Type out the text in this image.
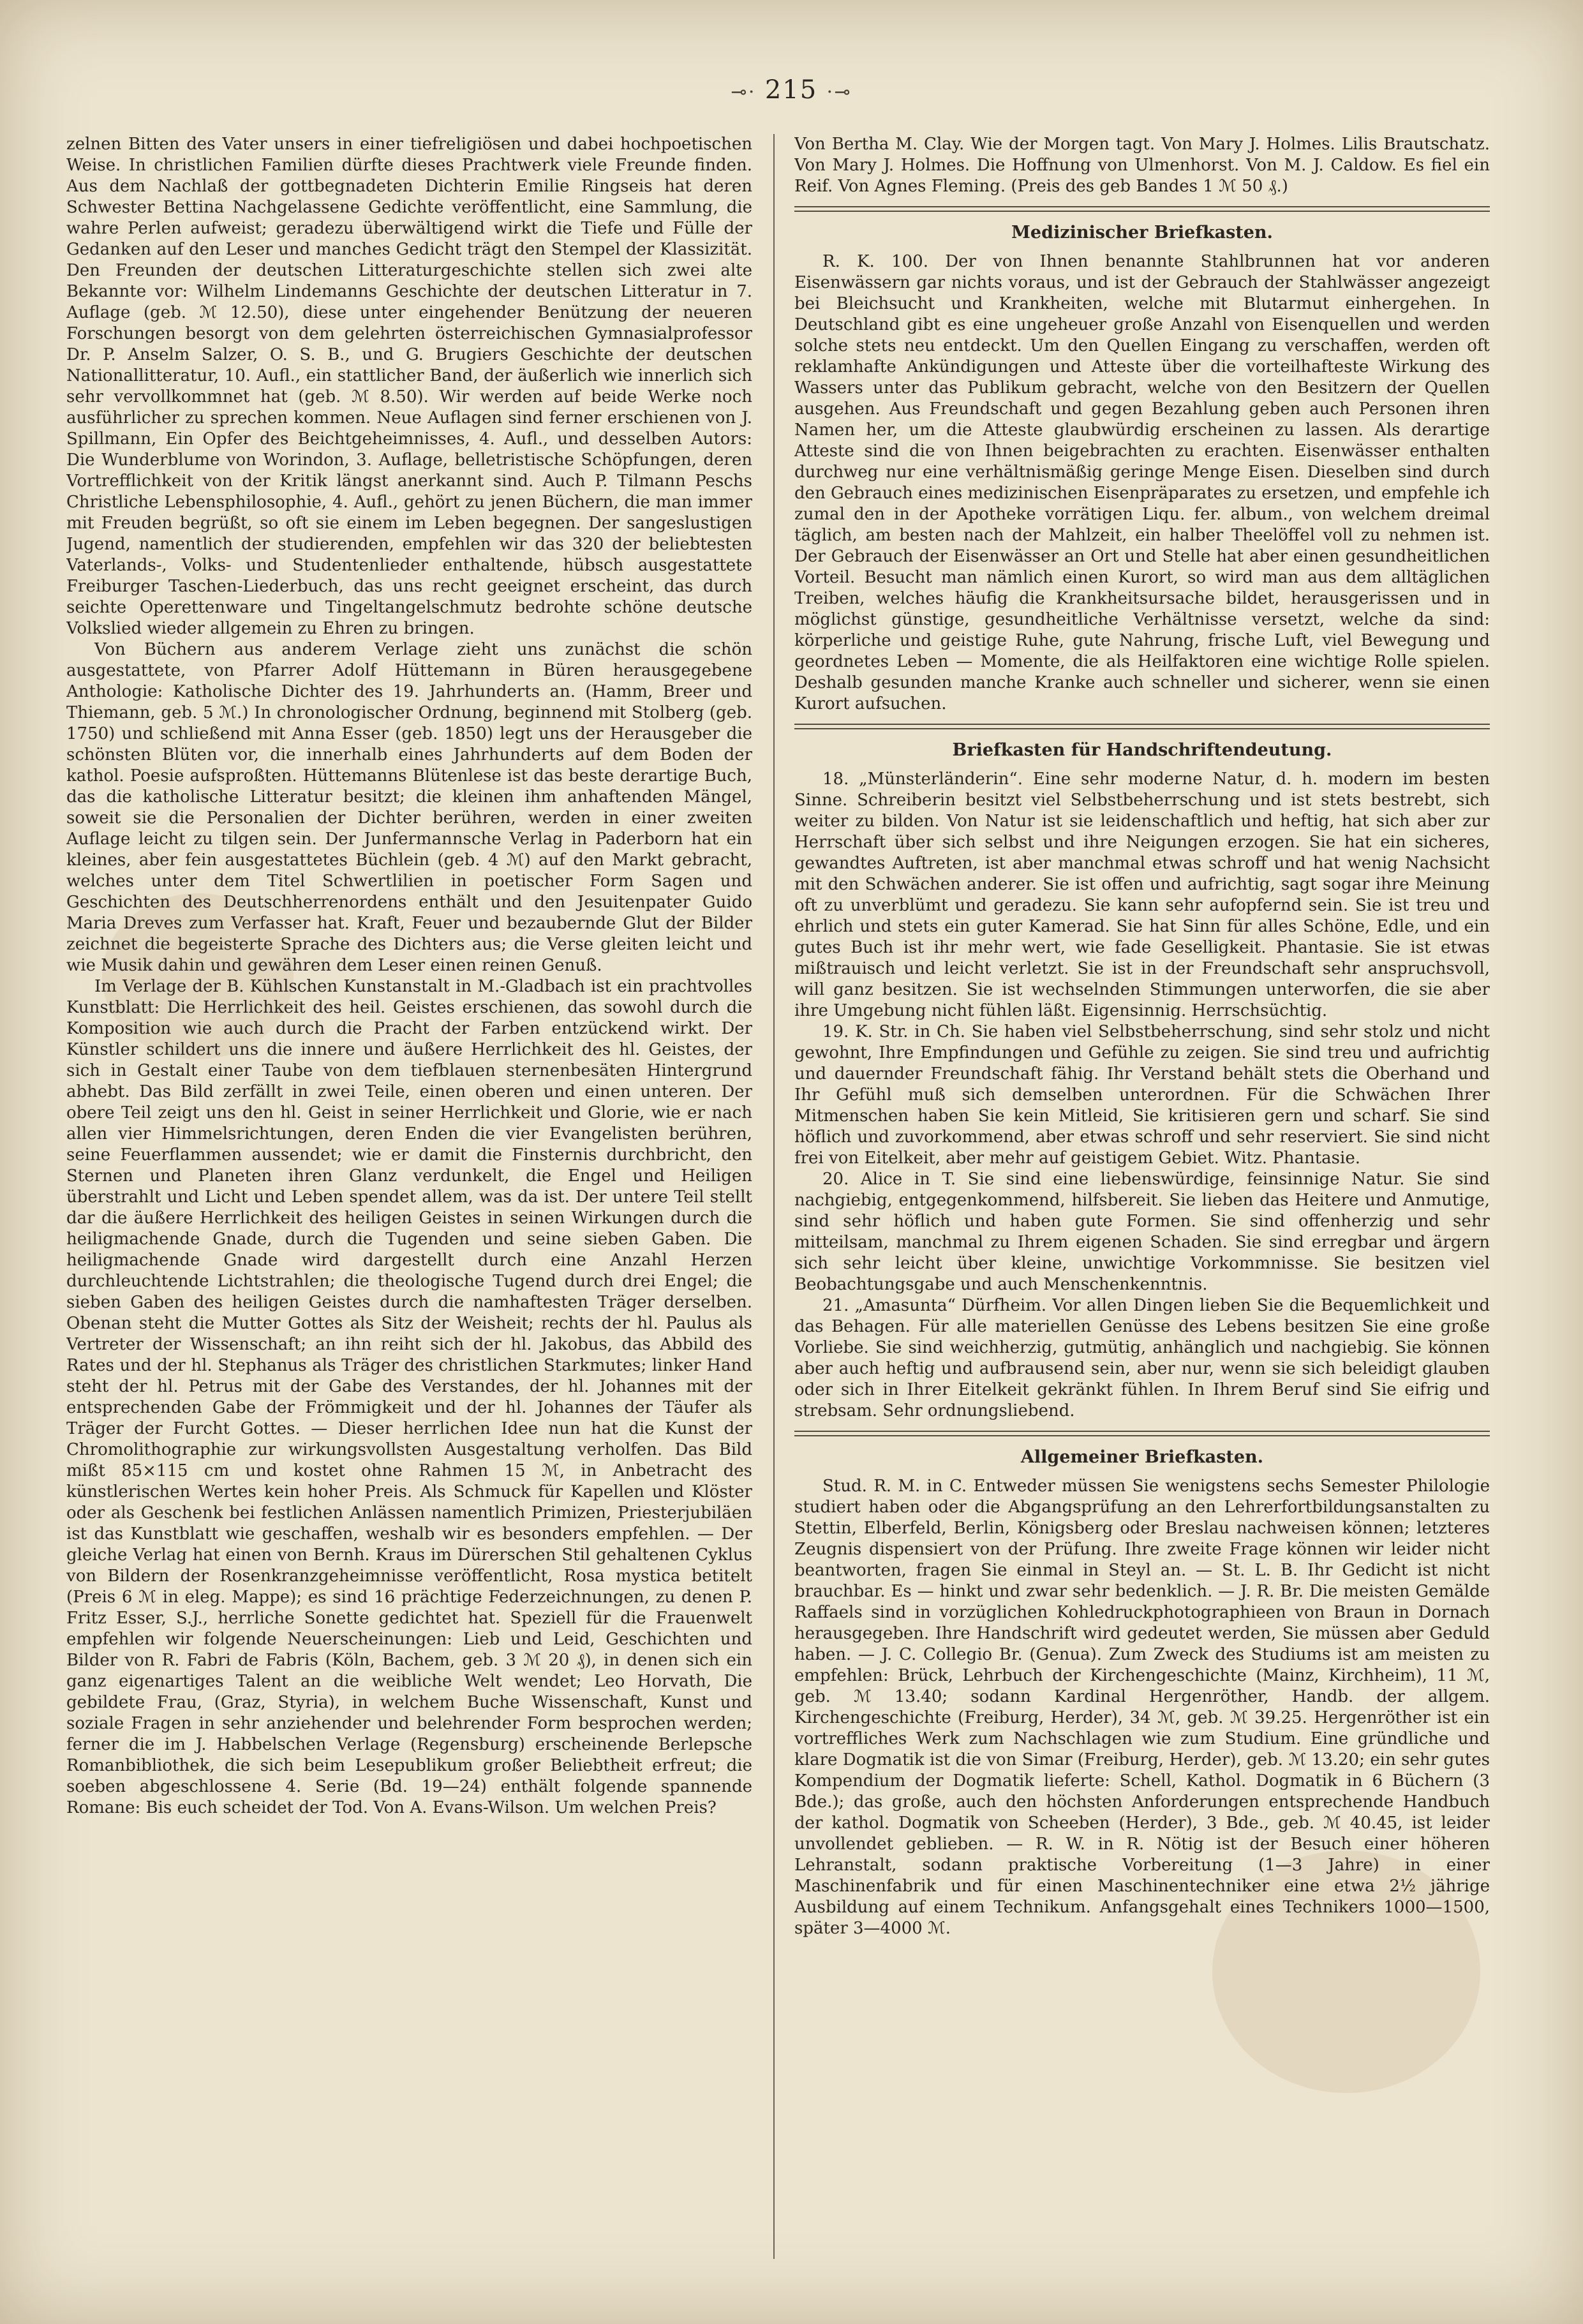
⊸⋅ 215 ⋅⊸

zelnen Bitten des Vater unsers in einer tiefreligiösen und dabei hochpoetischen Weise. In christlichen Familien dürfte dieses Prachtwerk viele Freunde finden. Aus dem Nachlaß der gottbegnadeten Dichterin Emilie Ringseis hat deren Schwester Bettina Nachgelassene Gedichte veröffentlicht, eine Sammlung, die wahre Perlen aufweist; geradezu überwältigend wirkt die Tiefe und Fülle der Gedanken auf den Leser und manches Gedicht trägt den Stempel der Klassizität. Den Freunden der deutschen Litteraturgeschichte stellen sich zwei alte Bekannte vor: Wilhelm Lindemanns Geschichte der deutschen Litteratur in 7. Auflage (geb. ℳ 12.50), diese unter eingehender Benützung der neueren Forschungen besorgt von dem gelehrten österreichischen Gymnasialprofessor Dr. P. Anselm Salzer, O. S. B., und G. Brugiers Geschichte der deutschen Nationallitteratur, 10. Aufl., ein stattlicher Band, der äußerlich wie innerlich sich sehr vervollkommnet hat (geb. ℳ 8.50). Wir werden auf beide Werke noch ausführlicher zu sprechen kommen. Neue Auflagen sind ferner erschienen von J. Spillmann, Ein Opfer des Beichtgeheimnisses, 4. Aufl., und desselben Autors: Die Wunderblume von Worindon, 3. Auflage, belletristische Schöpfungen, deren Vortrefflichkeit von der Kritik längst anerkannt sind. Auch P. Tilmann Peschs Christliche Lebensphilosophie, 4. Aufl., gehört zu jenen Büchern, die man immer mit Freuden begrüßt, so oft sie einem im Leben begegnen. Der sangeslustigen Jugend, namentlich der studierenden, empfehlen wir das 320 der beliebtesten Vaterlands-, Volks- und Studentenlieder enthaltende, hübsch ausgestattete Freiburger Taschen-Liederbuch, das uns recht geeignet erscheint, das durch seichte Operettenware und Tingeltangelschmutz bedrohte schöne deutsche Volkslied wieder allgemein zu Ehren zu bringen.

Von Büchern aus anderem Verlage zieht uns zunächst die schön ausgestattete, von Pfarrer Adolf Hüttemann in Büren herausgegebene Anthologie: Katholische Dichter des 19. Jahrhunderts an. (Hamm, Breer und Thiemann, geb. 5 ℳ.) In chronologischer Ordnung, beginnend mit Stolberg (geb. 1750) und schließend mit Anna Esser (geb. 1850) legt uns der Herausgeber die schönsten Blüten vor, die innerhalb eines Jahrhunderts auf dem Boden der kathol. Poesie aufsproßten. Hüttemanns Blütenlese ist das beste derartige Buch, das die katholische Litteratur besitzt; die kleinen ihm anhaftenden Mängel, soweit sie die Personalien der Dichter berühren, werden in einer zweiten Auflage leicht zu tilgen sein. Der Junfermannsche Verlag in Paderborn hat ein kleines, aber fein ausgestattetes Büchlein (geb. 4 ℳ) auf den Markt gebracht, welches unter dem Titel Schwertlilien in poetischer Form Sagen und Geschichten des Deutschherrenordens enthält und den Jesuitenpater Guido Maria Dreves zum Verfasser hat. Kraft, Feuer und bezaubernde Glut der Bilder zeichnet die begeisterte Sprache des Dichters aus; die Verse gleiten leicht und wie Musik dahin und gewähren dem Leser einen reinen Genuß.

Im Verlage der B. Kühlschen Kunstanstalt in M.-Gladbach ist ein prachtvolles Kunstblatt: Die Herrlichkeit des heil. Geistes erschienen, das sowohl durch die Komposition wie auch durch die Pracht der Farben entzückend wirkt. Der Künstler schildert uns die innere und äußere Herrlichkeit des hl. Geistes, der sich in Gestalt einer Taube von dem tiefblauen sternenbesäten Hintergrund abhebt. Das Bild zerfällt in zwei Teile, einen oberen und einen unteren. Der obere Teil zeigt uns den hl. Geist in seiner Herrlichkeit und Glorie, wie er nach allen vier Himmelsrichtungen, deren Enden die vier Evangelisten berühren, seine Feuerflammen aussendet; wie er damit die Finsternis durchbricht, den Sternen und Planeten ihren Glanz verdunkelt, die Engel und Heiligen überstrahlt und Licht und Leben spendet allem, was da ist. Der untere Teil stellt dar die äußere Herrlichkeit des heiligen Geistes in seinen Wirkungen durch die heiligmachende Gnade, durch die Tugenden und seine sieben Gaben. Die heiligmachende Gnade wird dargestellt durch eine Anzahl Herzen durchleuchtende Lichtstrahlen; die theologische Tugend durch drei Engel; die sieben Gaben des heiligen Geistes durch die namhaftesten Träger derselben. Obenan steht die Mutter Gottes als Sitz der Weisheit; rechts der hl. Paulus als Vertreter der Wissenschaft; an ihn reiht sich der hl. Jakobus, das Abbild des Rates und der hl. Stephanus als Träger des christlichen Starkmutes; linker Hand steht der hl. Petrus mit der Gabe des Verstandes, der hl. Johannes mit der entsprechenden Gabe der Frömmigkeit und der hl. Johannes der Täufer als Träger der Furcht Gottes. — Dieser herrlichen Idee nun hat die Kunst der Chromolithographie zur wirkungsvollsten Ausgestaltung verholfen. Das Bild mißt 85×115 cm und kostet ohne Rahmen 15 ℳ, in Anbetracht des künstlerischen Wertes kein hoher Preis. Als Schmuck für Kapellen und Klöster oder als Geschenk bei festlichen Anlässen namentlich Primizen, Priesterjubiläen ist das Kunstblatt wie geschaffen, weshalb wir es besonders empfehlen. — Der gleiche Verlag hat einen von Bernh. Kraus im Dürerschen Stil gehaltenen Cyklus von Bildern der Rosenkranzgeheimnisse veröffentlicht, Rosa mystica betitelt (Preis 6 ℳ in eleg. Mappe); es sind 16 prächtige Federzeichnungen, zu denen P. Fritz Esser, S.J., herrliche Sonette gedichtet hat. Speziell für die Frauenwelt empfehlen wir folgende Neuerscheinungen: Lieb und Leid, Geschichten und Bilder von R. Fabri de Fabris (Köln, Bachem, geb. 3 ℳ 20 ₰), in denen sich ein ganz eigenartiges Talent an die weibliche Welt wendet; Leo Horvath, Die gebildete Frau, (Graz, Styria), in welchem Buche Wissenschaft, Kunst und soziale Fragen in sehr anziehender und belehrender Form besprochen werden; ferner die im J. Habbelschen Verlage (Regensburg) erscheinende Berlepsche Romanbibliothek, die sich beim Lesepublikum großer Beliebtheit erfreut; die soeben abgeschlossene 4. Serie (Bd. 19—24) enthält folgende spannende Romane: Bis euch scheidet der Tod. Von A. Evans-Wilson. Um welchen Preis?

Von Bertha M. Clay. Wie der Morgen tagt. Von Mary J. Holmes. Lilis Brautschatz. Von Mary J. Holmes. Die Hoffnung von Ulmenhorst. Von M. J. Caldow. Es fiel ein Reif. Von Agnes Fleming. (Preis des geb Bandes 1 ℳ 50 ₰.)

Medizinischer Briefkasten.

R. K. 100. Der von Ihnen benannte Stahlbrunnen hat vor anderen Eisenwässern gar nichts voraus, und ist der Gebrauch der Stahlwässer angezeigt bei Bleichsucht und Krankheiten, welche mit Blutarmut einhergehen. In Deutschland gibt es eine ungeheuer große Anzahl von Eisenquellen und werden solche stets neu entdeckt. Um den Quellen Eingang zu verschaffen, werden oft reklamhafte Ankündigungen und Atteste über die vorteilhafteste Wirkung des Wassers unter das Publikum gebracht, welche von den Besitzern der Quellen ausgehen. Aus Freundschaft und gegen Bezahlung geben auch Personen ihren Namen her, um die Atteste glaubwürdig erscheinen zu lassen. Als derartige Atteste sind die von Ihnen beigebrachten zu erachten. Eisenwässer enthalten durchweg nur eine verhältnismäßig geringe Menge Eisen. Dieselben sind durch den Gebrauch eines medizinischen Eisenpräparates zu ersetzen, und empfehle ich zumal den in der Apotheke vorrätigen Liqu. fer. album., von welchem dreimal täglich, am besten nach der Mahlzeit, ein halber Theelöffel voll zu nehmen ist. Der Gebrauch der Eisenwässer an Ort und Stelle hat aber einen gesundheitlichen Vorteil. Besucht man nämlich einen Kurort, so wird man aus dem alltäglichen Treiben, welches häufig die Krankheitsursache bildet, herausgerissen und in möglichst günstige, gesundheitliche Verhältnisse versetzt, welche da sind: körperliche und geistige Ruhe, gute Nahrung, frische Luft, viel Bewegung und geordnetes Leben — Momente, die als Heilfaktoren eine wichtige Rolle spielen. Deshalb gesunden manche Kranke auch schneller und sicherer, wenn sie einen Kurort aufsuchen.

Briefkasten für Handschriftendeutung.

18. „Münsterländerin“. Eine sehr moderne Natur, d. h. modern im besten Sinne. Schreiberin besitzt viel Selbstbeherrschung und ist stets bestrebt, sich weiter zu bilden. Von Natur ist sie leidenschaftlich und heftig, hat sich aber zur Herrschaft über sich selbst und ihre Neigungen erzogen. Sie hat ein sicheres, gewandtes Auftreten, ist aber manchmal etwas schroff und hat wenig Nachsicht mit den Schwächen anderer. Sie ist offen und aufrichtig, sagt sogar ihre Meinung oft zu unverblümt und geradezu. Sie kann sehr aufopfernd sein. Sie ist treu und ehrlich und stets ein guter Kamerad. Sie hat Sinn für alles Schöne, Edle, und ein gutes Buch ist ihr mehr wert, wie fade Geselligkeit. Phantasie. Sie ist etwas mißtrauisch und leicht verletzt. Sie ist in der Freundschaft sehr anspruchsvoll, will ganz besitzen. Sie ist wechselnden Stimmungen unterworfen, die sie aber ihre Umgebung nicht fühlen läßt. Eigensinnig. Herrschsüchtig.

19. K. Str. in Ch. Sie haben viel Selbstbeherrschung, sind sehr stolz und nicht gewohnt, Ihre Empfindungen und Gefühle zu zeigen. Sie sind treu und aufrichtig und dauernder Freundschaft fähig. Ihr Verstand behält stets die Oberhand und Ihr Gefühl muß sich demselben unterordnen. Für die Schwächen Ihrer Mitmenschen haben Sie kein Mitleid, Sie kritisieren gern und scharf. Sie sind höflich und zuvorkommend, aber etwas schroff und sehr reserviert. Sie sind nicht frei von Eitelkeit, aber mehr auf geistigem Gebiet. Witz. Phantasie.

20. Alice in T. Sie sind eine liebenswürdige, feinsinnige Natur. Sie sind nachgiebig, entgegenkommend, hilfsbereit. Sie lieben das Heitere und Anmutige, sind sehr höflich und haben gute Formen. Sie sind offenherzig und sehr mitteilsam, manchmal zu Ihrem eigenen Schaden. Sie sind erregbar und ärgern sich sehr leicht über kleine, unwichtige Vorkommnisse. Sie besitzen viel Beobachtungsgabe und auch Menschenkenntnis.

21. „Amasunta“ Dürfheim. Vor allen Dingen lieben Sie die Bequemlichkeit und das Behagen. Für alle materiellen Genüsse des Lebens besitzen Sie eine große Vorliebe. Sie sind weichherzig, gutmütig, anhänglich und nachgiebig. Sie können aber auch heftig und aufbrausend sein, aber nur, wenn sie sich beleidigt glauben oder sich in Ihrer Eitelkeit gekränkt fühlen. In Ihrem Beruf sind Sie eifrig und strebsam. Sehr ordnungsliebend.

Allgemeiner Briefkasten.

Stud. R. M. in C. Entweder müssen Sie wenigstens sechs Semester Philologie studiert haben oder die Abgangsprüfung an den Lehrerfortbildungsanstalten zu Stettin, Elberfeld, Berlin, Königsberg oder Breslau nachweisen können; letzteres Zeugnis dispensiert von der Prüfung. Ihre zweite Frage können wir leider nicht beantworten, fragen Sie einmal in Steyl an. — St. L. B. Ihr Gedicht ist nicht brauchbar. Es — hinkt und zwar sehr bedenklich. — J. R. Br. Die meisten Gemälde Raffaels sind in vorzüglichen Kohledruckphotographieen von Braun in Dornach herausgegeben. Ihre Handschrift wird gedeutet werden, Sie müssen aber Geduld haben. — J. C. Collegio Br. (Genua). Zum Zweck des Studiums ist am meisten zu empfehlen: Brück, Lehrbuch der Kirchengeschichte (Mainz, Kirchheim), 11 ℳ, geb. ℳ 13.40; sodann Kardinal Hergenröther, Handb. der allgem. Kirchengeschichte (Freiburg, Herder), 34 ℳ, geb. ℳ 39.25. Hergenröther ist ein vortreffliches Werk zum Nachschlagen wie zum Studium. Eine gründliche und klare Dogmatik ist die von Simar (Freiburg, Herder), geb. ℳ 13.20; ein sehr gutes Kompendium der Dogmatik lieferte: Schell, Kathol. Dogmatik in 6 Büchern (3 Bde.); das große, auch den höchsten Anforderungen entsprechende Handbuch der kathol. Dogmatik von Scheeben (Herder), 3 Bde., geb. ℳ 40.45, ist leider unvollendet geblieben. — R. W. in R. Nötig ist der Besuch einer höheren Lehranstalt, sodann praktische Vorbereitung (1—3 Jahre) in einer Maschinenfabrik und für einen Maschinentechniker eine etwa 2½ jährige Ausbildung auf einem Technikum. Anfangsgehalt eines Technikers 1000—1500, später 3—4000 ℳ.
